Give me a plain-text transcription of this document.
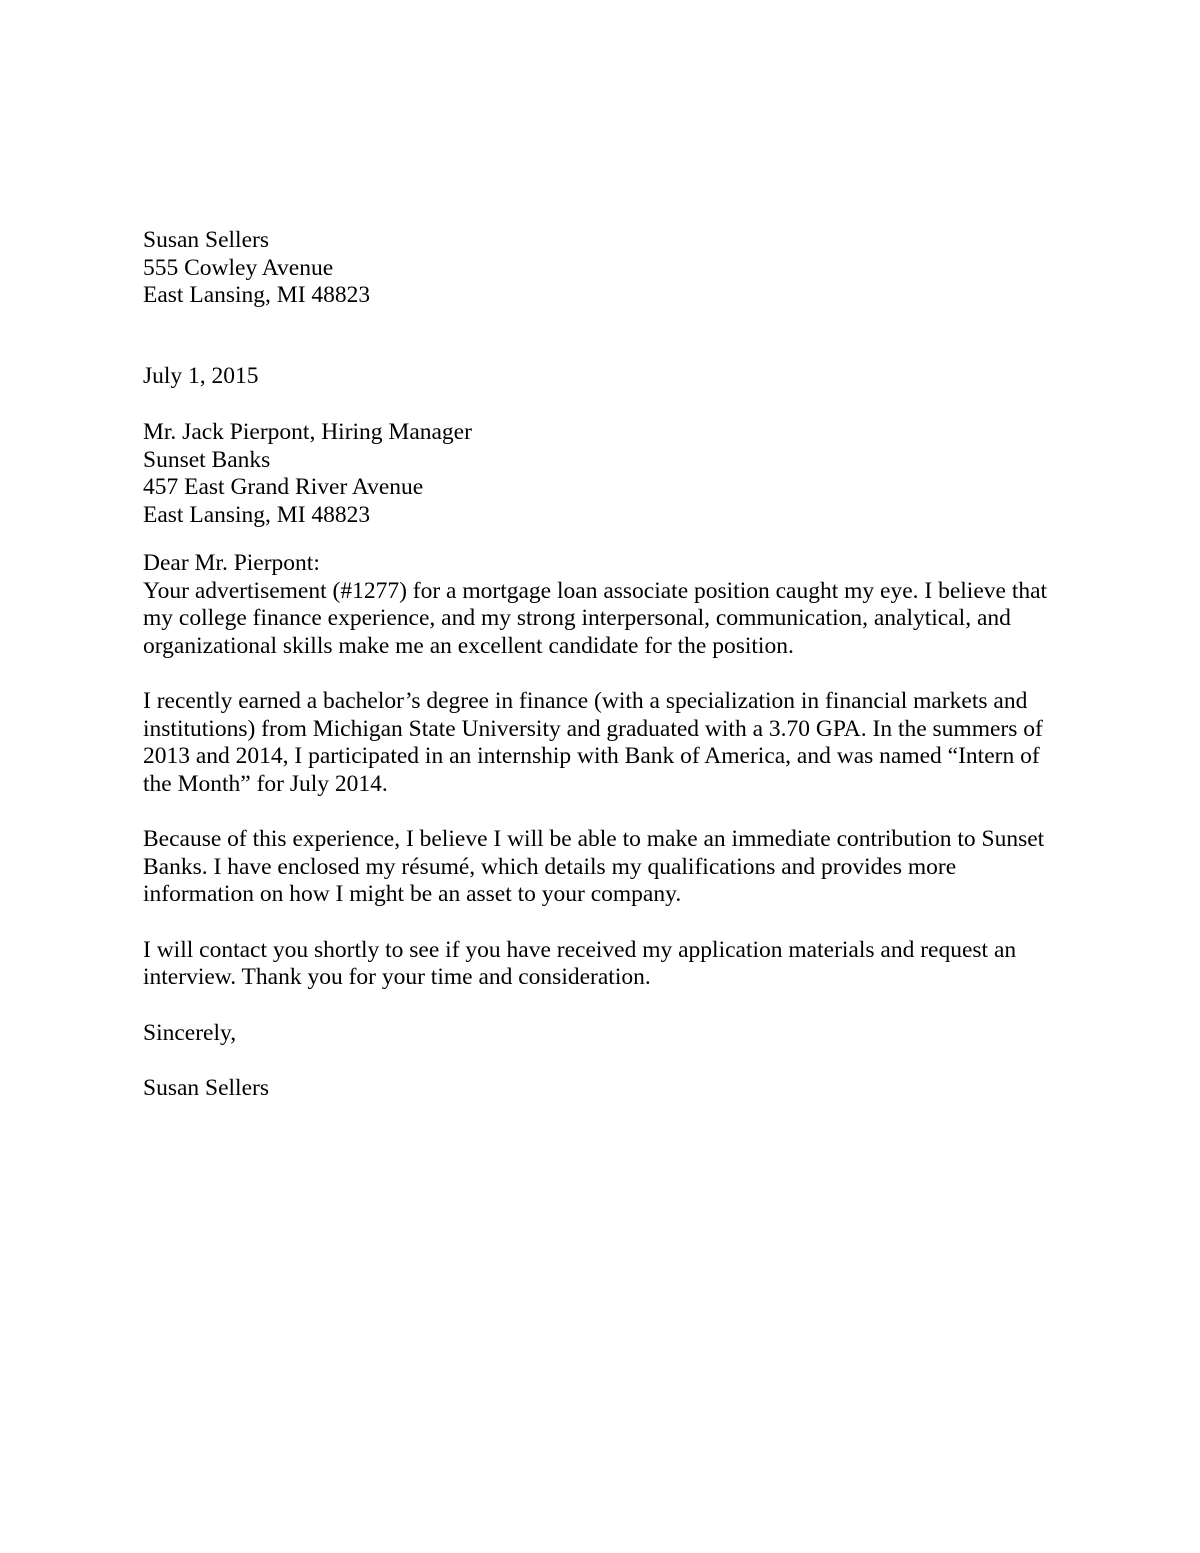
Susan Sellers
555 Cowley Avenue
East Lansing, MI 48823
July 1, 2015
Mr. Jack Pierpont, Hiring Manager
Sunset Banks
457 East Grand River Avenue
East Lansing, MI 48823
Dear Mr. Pierpont:

Your advertisement (#1277) for a mortgage loan associate position caught my eye. I believe that my college finance experience, and my strong interpersonal, communication, analytical, and organizational skills make me an excellent candidate for the position.

I recently earned a bachelor’s degree in finance (with a specialization in financial markets and institutions) from Michigan State University and graduated with a 3.70 GPA. In the summers of 2013 and 2014, I participated in an internship with Bank of America, and was named “Intern of the Month” for July 2014.

Because of this experience, I believe I will be able to make an immediate contribution to Sunset Banks. I have enclosed my résumé, which details my qualifications and provides more information on how I might be an asset to your company.

I will contact you shortly to see if you have received my application materials and request an interview. Thank you for your time and consideration.

Sincerely,
Susan Sellers
